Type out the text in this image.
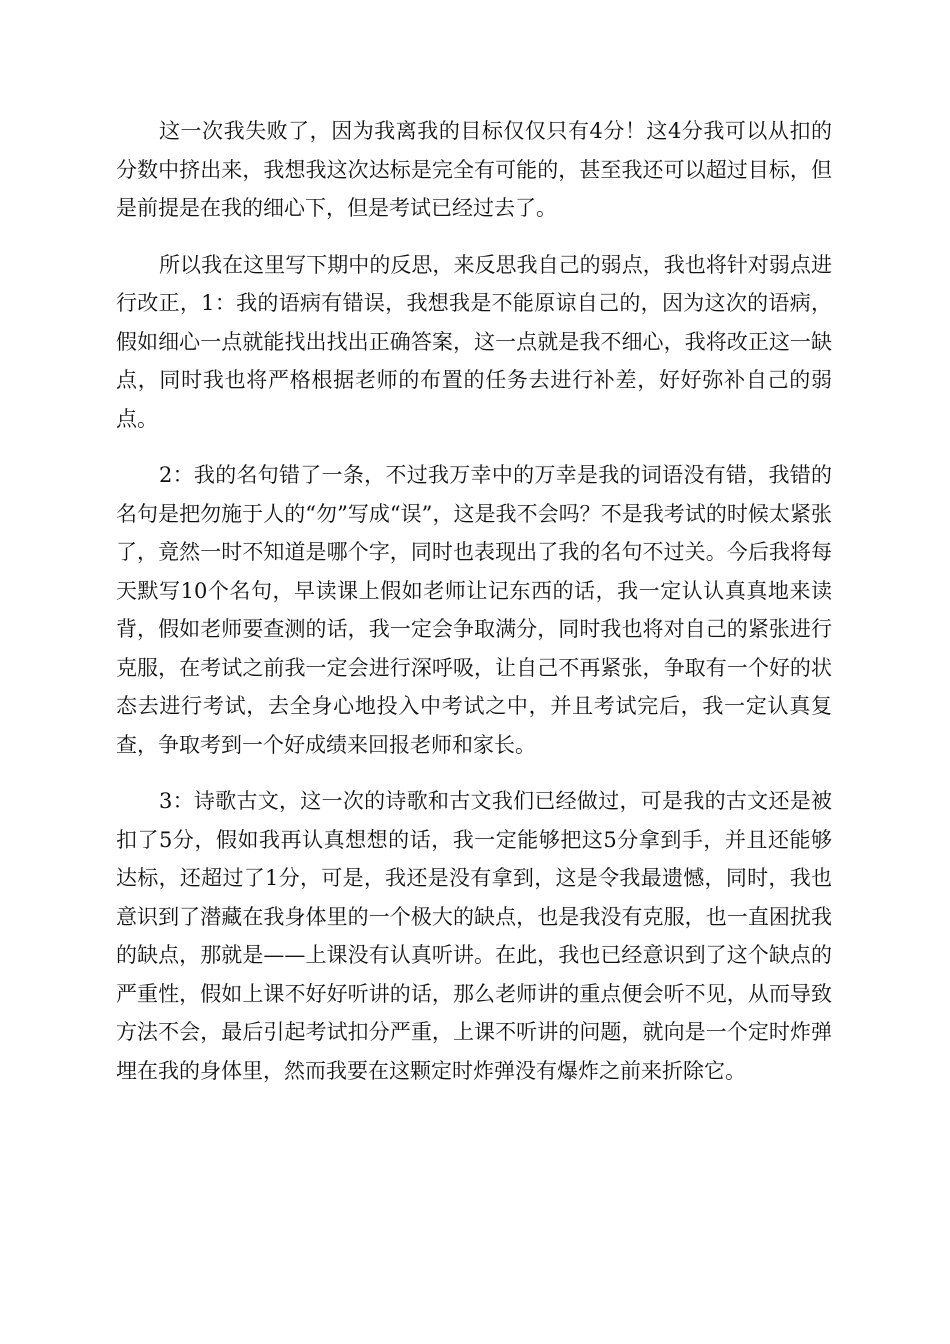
这一次我失败了，因为我离我的目标仅仅只有4分！这4分我可以从扣的分数中挤出来，我想我这次达标是完全有可能的，甚至我还可以超过目标，但是前提是在我的细心下，但是考试已经过去了。

所以我在这里写下期中的反思，来反思我自己的弱点，我也将针对弱点进行改正，1：我的语病有错误，我想我是不能原谅自己的，因为这次的语病，假如细心一点就能找出找出正确答案，这一点就是我不细心，我将改正这一缺点，同时我也将严格根据老师的布置的任务去进行补差，好好弥补自己的弱点。

2：我的名句错了一条，不过我万幸中的万幸是我的词语没有错，我错的名句是把勿施于人的“勿”写成“误”，这是我不会吗？不是我考试的时候太紧张了，竟然一时不知道是哪个字，同时也表现出了我的名句不过关。今后我将每天默写10个名句，早读课上假如老师让记东西的话，我一定认认真真地来读背，假如老师要查测的话，我一定会争取满分，同时我也将对自己的紧张进行克服，在考试之前我一定会进行深呼吸，让自己不再紧张，争取有一个好的状态去进行考试，去全身心地投入中考试之中，并且考试完后，我一定认真复查，争取考到一个好成绩来回报老师和家长。

3：诗歌古文，这一次的诗歌和古文我们已经做过，可是我的古文还是被扣了5分，假如我再认真想想的话，我一定能够把这5分拿到手，并且还能够达标，还超过了1分，可是，我还是没有拿到，这是令我最遗憾，同时，我也意识到了潜藏在我身体里的一个极大的缺点，也是我没有克服，也一直困扰我的缺点，那就是——上课没有认真听讲。在此，我也已经意识到了这个缺点的严重性，假如上课不好好听讲的话，那么老师讲的重点便会听不见，从而导致方法不会，最后引起考试扣分严重，上课不听讲的问题，就向是一个定时炸弹埋在我的身体里，然而我要在这颗定时炸弹没有爆炸之前来折除它。
